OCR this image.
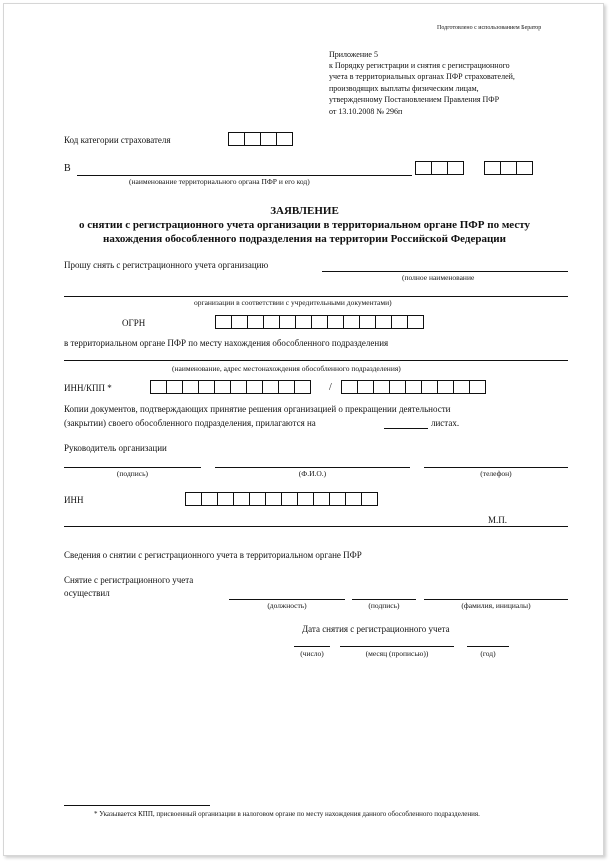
Подготовлено с использованием Бератор
Приложение 5
к Порядку регистрации и снятия с регистрационного
учета в территориальных органах ПФР страхователей,
производящих выплаты физическим лицам,
утвержденному Постановлением Правления ПФР
от 13.10.2008 № 296п
Код категории страхователя
В
(наименование территориального органа ПФР и его код)
ЗАЯВЛЕНИЕ
о снятии с регистрационного учета организации в территориальном органе ПФР по месту
нахождения обособленного подразделения на территории Российской Федерации
Прошу снять с регистрационного учета организацию
(полное наименование
организации в соответствии с учредительными документами)
ОГРН
в территориальном органе ПФР по месту нахождения обособленного подразделения
(наименование, адрес местонахождения обособленного подразделения)
ИНН/КПП *	/
Копии документов, подтверждающих принятие решения организацией о прекращении деятельности
(закрытии) своего обособленного подразделения, прилагаются на	листах.
Руководитель организации
(подпись)	(Ф.И.О.)	(телефон)
ИНН
М.П.
Сведения о снятии с регистрационного учета в территориальном органе ПФР
Снятие с регистрационного учета
осуществил
(должность)	(подпись)	(фамилия, инициалы)
Дата снятия с регистрационного учета
(число)	(месяц (прописью))	(год)
* Указывается КПП, присвоенный организации в налоговом органе по месту нахождения данного обособленного подразделения.
